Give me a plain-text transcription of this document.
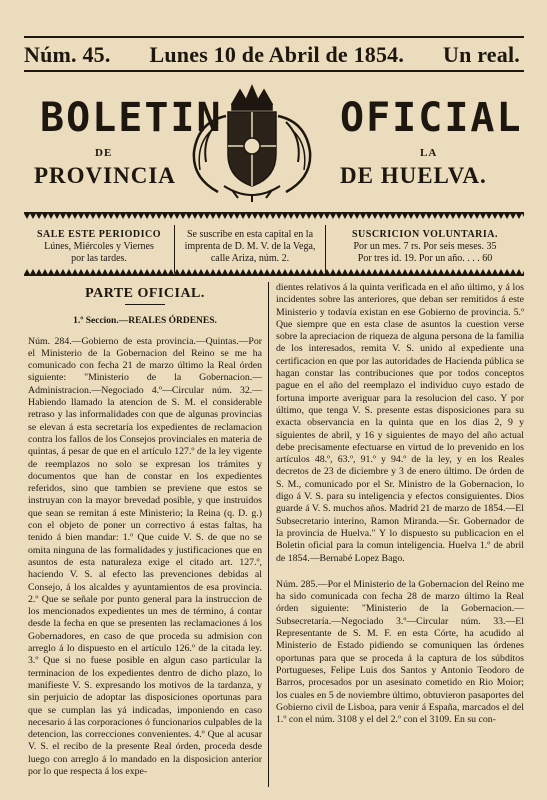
Núm. 45. Lunes 10 de Abril de 1854. Un real.
BOLETIN	OFICIAL
DE	LA
PROVINCIA	DE HUELVA.
SALE ESTE PERIODICO
Lúnes, Miércoles y Viernes
por las tardes.
Se suscribe en esta capital en la
imprenta de D. M. V. de la Vega,
calle Ariza, núm. 2.
SUSCRICION VOLUNTARIA.
Por un mes. 7 rs. Por seis meses. 35
Por tres id. 19. Por un año. . . . 60
PARTE OFICIAL.
1.º Seccion.—REALES ÓRDENES.

Núm. 284.—Gobierno de esta provincia.—Quintas.—Por el Ministerio de la Gobernacion del Reino se me ha comunicado con fecha 21 de marzo último la Real órden siguiente: "Ministerio de la Gobernacion.—Administracion.—Negociado 4.º—Circular núm. 32.—Habiendo llamado la atencion de S. M. el considerable retraso y las informalidades con que de algunas provincias se elevan á esta secretaría los expedientes de reclamacion contra los fallos de los Consejos provinciales en materia de quintas, á pesar de que en el artículo 127.º de la ley vigente de reemplazos no solo se expresan los trámites y documentos que han de constar en los expedientes referidos, sino que tambien se previene que estos se instruyan con la mayor brevedad posible, y que instruidos que sean se remitan á este Ministerio; la Reina (q. D. g.) con el objeto de poner un correctivo á estas faltas, ha tenido á bien mandar: 1.º Que cuide V. S. de que no se omita ninguna de las formalidades y justificaciones que en asuntos de esta naturaleza exige el citado art. 127.º, haciendo V. S. al efecto las prevenciones debidas al Consejo, á los alcaldes y ayuntamientos de esa provincia. 2.º Que se señale por punto general para la instruccion de los mencionados expedientes un mes de término, á contar desde la fecha en que se presenten las reclamaciones á los Gobernadores, en caso de que proceda su admision con arreglo á lo dispuesto en el artículo 126.º de la citada ley. 3.º Que si no fuese posible en algun caso particular la terminacion de los expedientes dentro de dicho plazo, lo manifieste V. S. expresando los motivos de la tardanza, y sin perjuicio de adoptar las disposiciones oportunas para que se cumplan las yá indicadas, imponiendo en caso necesario á las corporaciones ó funcionarios culpables de la detencion, las correcciones convenientes. 4.º Que al acusar V. S. el recibo de la presente Real órden, proceda desde luego con arreglo á lo mandado en la disposicion anterior por lo que respecta á los expe-

dientes relativos á la quinta verificada en el año último, y á los incidentes sobre las anteriores, que deban ser remitidos á este Ministerio y todavía existan en ese Gobierno de provincia. 5.º Que siempre que en esta clase de asuntos la cuestion verse sobre la apreciacion de riqueza de alguna persona de la familia de los interesados, remita V. S. unido al expediente una certificacion en que por las autoridades de Hacienda pública se hagan constar las contribuciones que por todos conceptos pague en el año del reemplazo el individuo cuyo estado de fortuna importe averiguar para la resolucion del caso. Y por último, que tenga V. S. presente estas disposiciones para su exacta observancia en la quinta que en los dias 2, 9 y siguientes de abril, y 16 y siguientes de mayo del año actual debe precisamente efectuarse en virtud de lo prevenido en los artículos 48.º, 63.º, 91.º y 94.º de la ley, y en los Reales decretos de 23 de diciembre y 3 de enero último. De órden de S. M., comunicado por el Sr. Ministro de la Gobernacion, lo digo á V. S. para su inteligencia y efectos consiguientes. Dios guarde á V. S. muchos años. Madrid 21 de marzo de 1854.—El Subsecretario interino, Ramon Miranda.—Sr. Gobernador de la provincia de Huelva." Y lo dispuesto su publicacion en el Boletin oficial para la comun inteligencia. Huelva 1.º de abril de 1854.—Bernabé Lopez Bago.

Núm. 285.—Por el Ministerio de la Gobernacion del Reino me ha sido comunicada con fecha 28 de marzo último la Real órden siguiente: "Ministerio de la Gobernacion.—Subsecretaría.—Negociado 3.º—Circular núm. 33.—El Representante de S. M. F. en esta Córte, ha acudido al Ministerio de Estado pidiendo se comuniquen las órdenes oportunas para que se proceda á la captura de los súbditos Portugueses, Felipe Luis dos Santos y Antonio Teodoro de Barros, procesados por un asesinato cometido en Rio Moior; los cuales en 5 de noviembre último, obtuvieron pasaportes del Gobierno civil de Lisboa, para venir á España, marcados el del 1.º con el núm. 3108 y el del 2.º con el 3109. En su con-
